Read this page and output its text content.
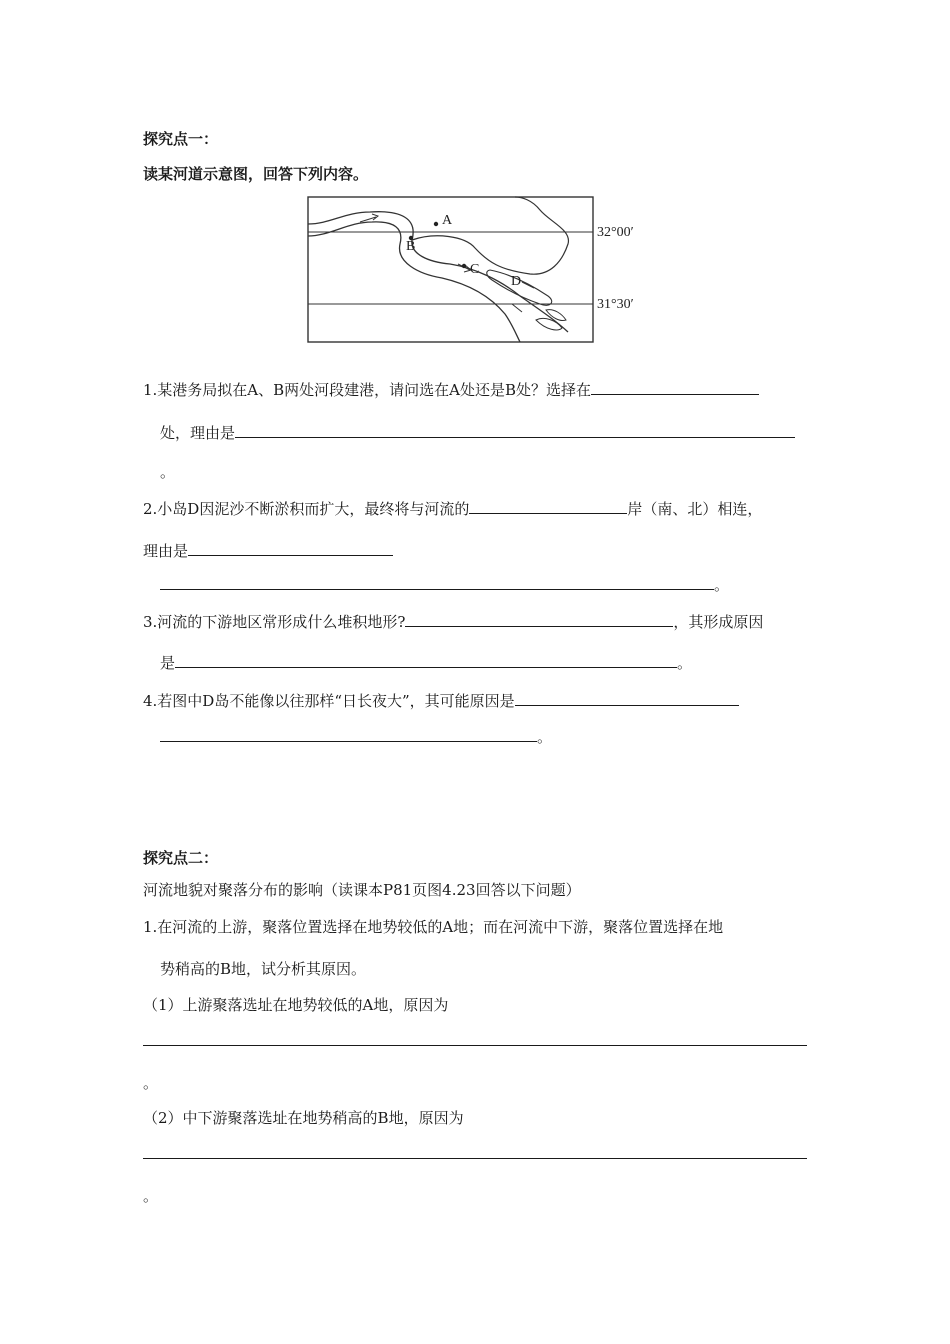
探究点一：
读某河道示意图，回答下列内容。
A
B
C
D
32°00′
31°30′
1.某港务局拟在A、B两处河段建港，请问选在A处还是B处？选择在
处，理由是
。
2.小岛D因泥沙不断淤积而扩大，最终将与河流的	岸（南、北）相连，
理由是
。
3.河流的下游地区常形成什么堆积地形?	，其形成原因
是	。
4.若图中D岛不能像以往那样“日长夜大”，其可能原因是
。
探究点二：
河流地貌对聚落分布的影响（读课本P81页图4.23回答以下问题）
1.在河流的上游，聚落位置选择在地势较低的A地；而在河流中下游，聚落位置选择在地
势稍高的B地，试分析其原因。
（1）上游聚落选址在地势较低的A地，原因为
。
（2）中下游聚落选址在地势稍高的B地，原因为
。
